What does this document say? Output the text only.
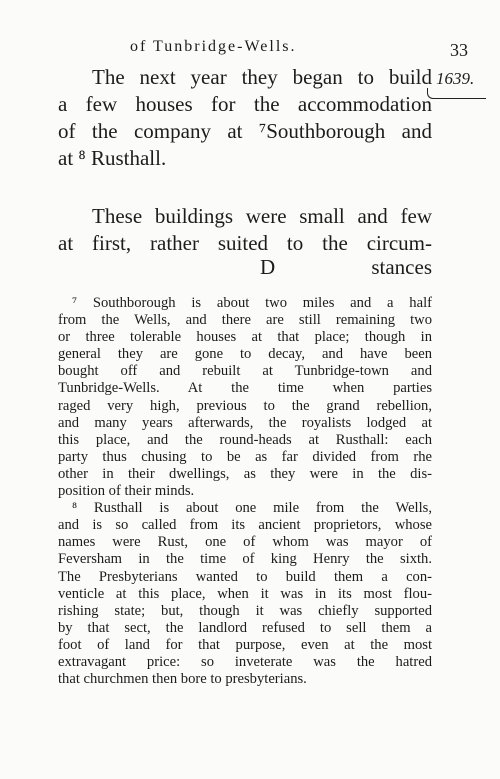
of Tunbridge-Wells.	33
1639.
The next year they began to build
a few houses for the accommodation
of the company at ⁷Southborough and
at ⁸ Rusthall.
These buildings were small and few
at first, rather suited to the circum-
D	stances
⁷ Southborough is about two miles and a half
from the Wells, and there are still remaining two
or three tolerable houses at that place; though in
general they are gone to decay, and have been
bought off and rebuilt at Tunbridge-town and
Tunbridge-Wells. At the time when parties
raged very high, previous to the grand rebellion,
and many years afterwards, the royalists lodged at
this place, and the round-heads at Rusthall: each
party thus chusing to be as far divided from rhe
other in their dwellings, as they were in the dis-
position of their minds.
⁸ Rusthall is about one mile from the Wells,
and is so called from its ancient proprietors, whose
names were Rust, one of whom was mayor of
Feversham in the time of king Henry the sixth.
The Presbyterians wanted to build them a con-
venticle at this place, when it was in its most flou-
rishing state; but, though it was chiefly supported
by that sect, the landlord refused to sell them a
foot of land for that purpose, even at the most
extravagant price: so inveterate was the hatred
that churchmen then bore to presbyterians.
